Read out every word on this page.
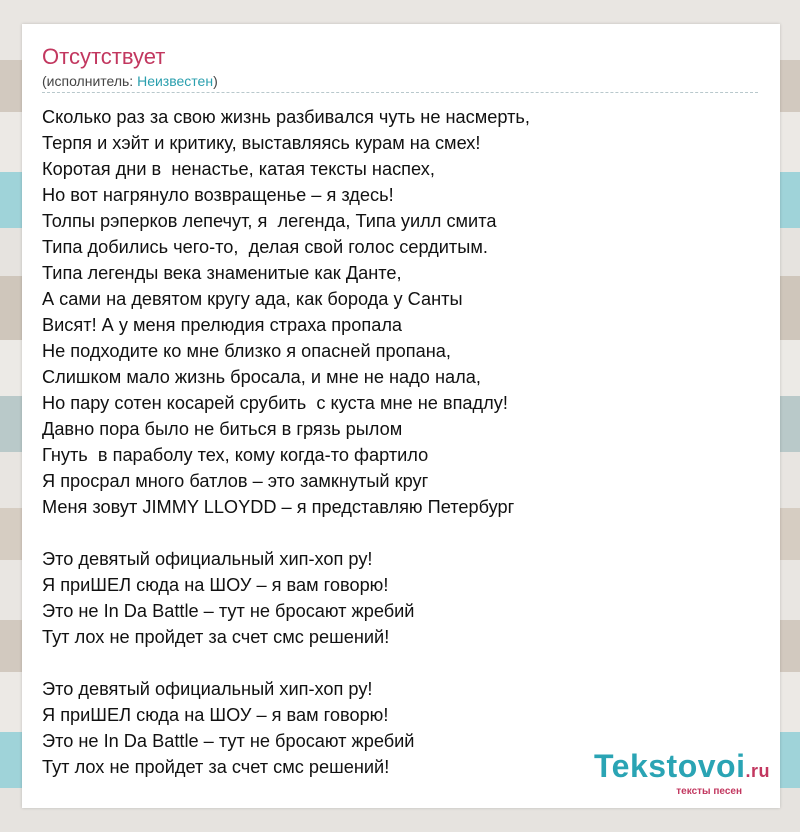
Отсутствует
(исполнитель: Неизвестен)
Сколько раз за свою жизнь разбивался чуть не насмерть,
Терпя и хэйт и критику, выставляясь курам на смех!
Коротая дни в  ненастье, катая тексты наспех,
Но вот нагрянуло возвращенье – я здесь!
Толпы рэперков лепечут, я  легенда, Типа уилл смита
Типа добились чего-то,  делая свой голос сердитым.
Типа легенды века знаменитые как Данте,
А сами на девятом кругу ада, как борода у Санты
Висят! А у меня прелюдия страха пропала
Не подходите ко мне близко я опасней пропана,
Слишком мало жизнь бросала, и мне не надо нала,
Но пару сотен косарей срубить  с куста мне не впадлу!
Давно пора было не биться в грязь рылом
Гнуть  в параболу тех, кому когда-то фартило
Я просрал много батлов – это замкнутый круг
Меня зовут JIMMY LLOYDD – я представляю Петербург
Это девятый официальный хип-хоп ру!
Я приШЕЛ сюда на ШОУ – я вам говорю!
Это не In Da Battle – тут не бросают жребий
Тут лох не пройдет за счет смс решений!
Это девятый официальный хип-хоп ру!
Я приШЕЛ сюда на ШОУ – я вам говорю!
Это не In Da Battle – тут не бросают жребий
Тут лох не пройдет за счет смс решений!	Tekstovoi.ru
тексты песен
